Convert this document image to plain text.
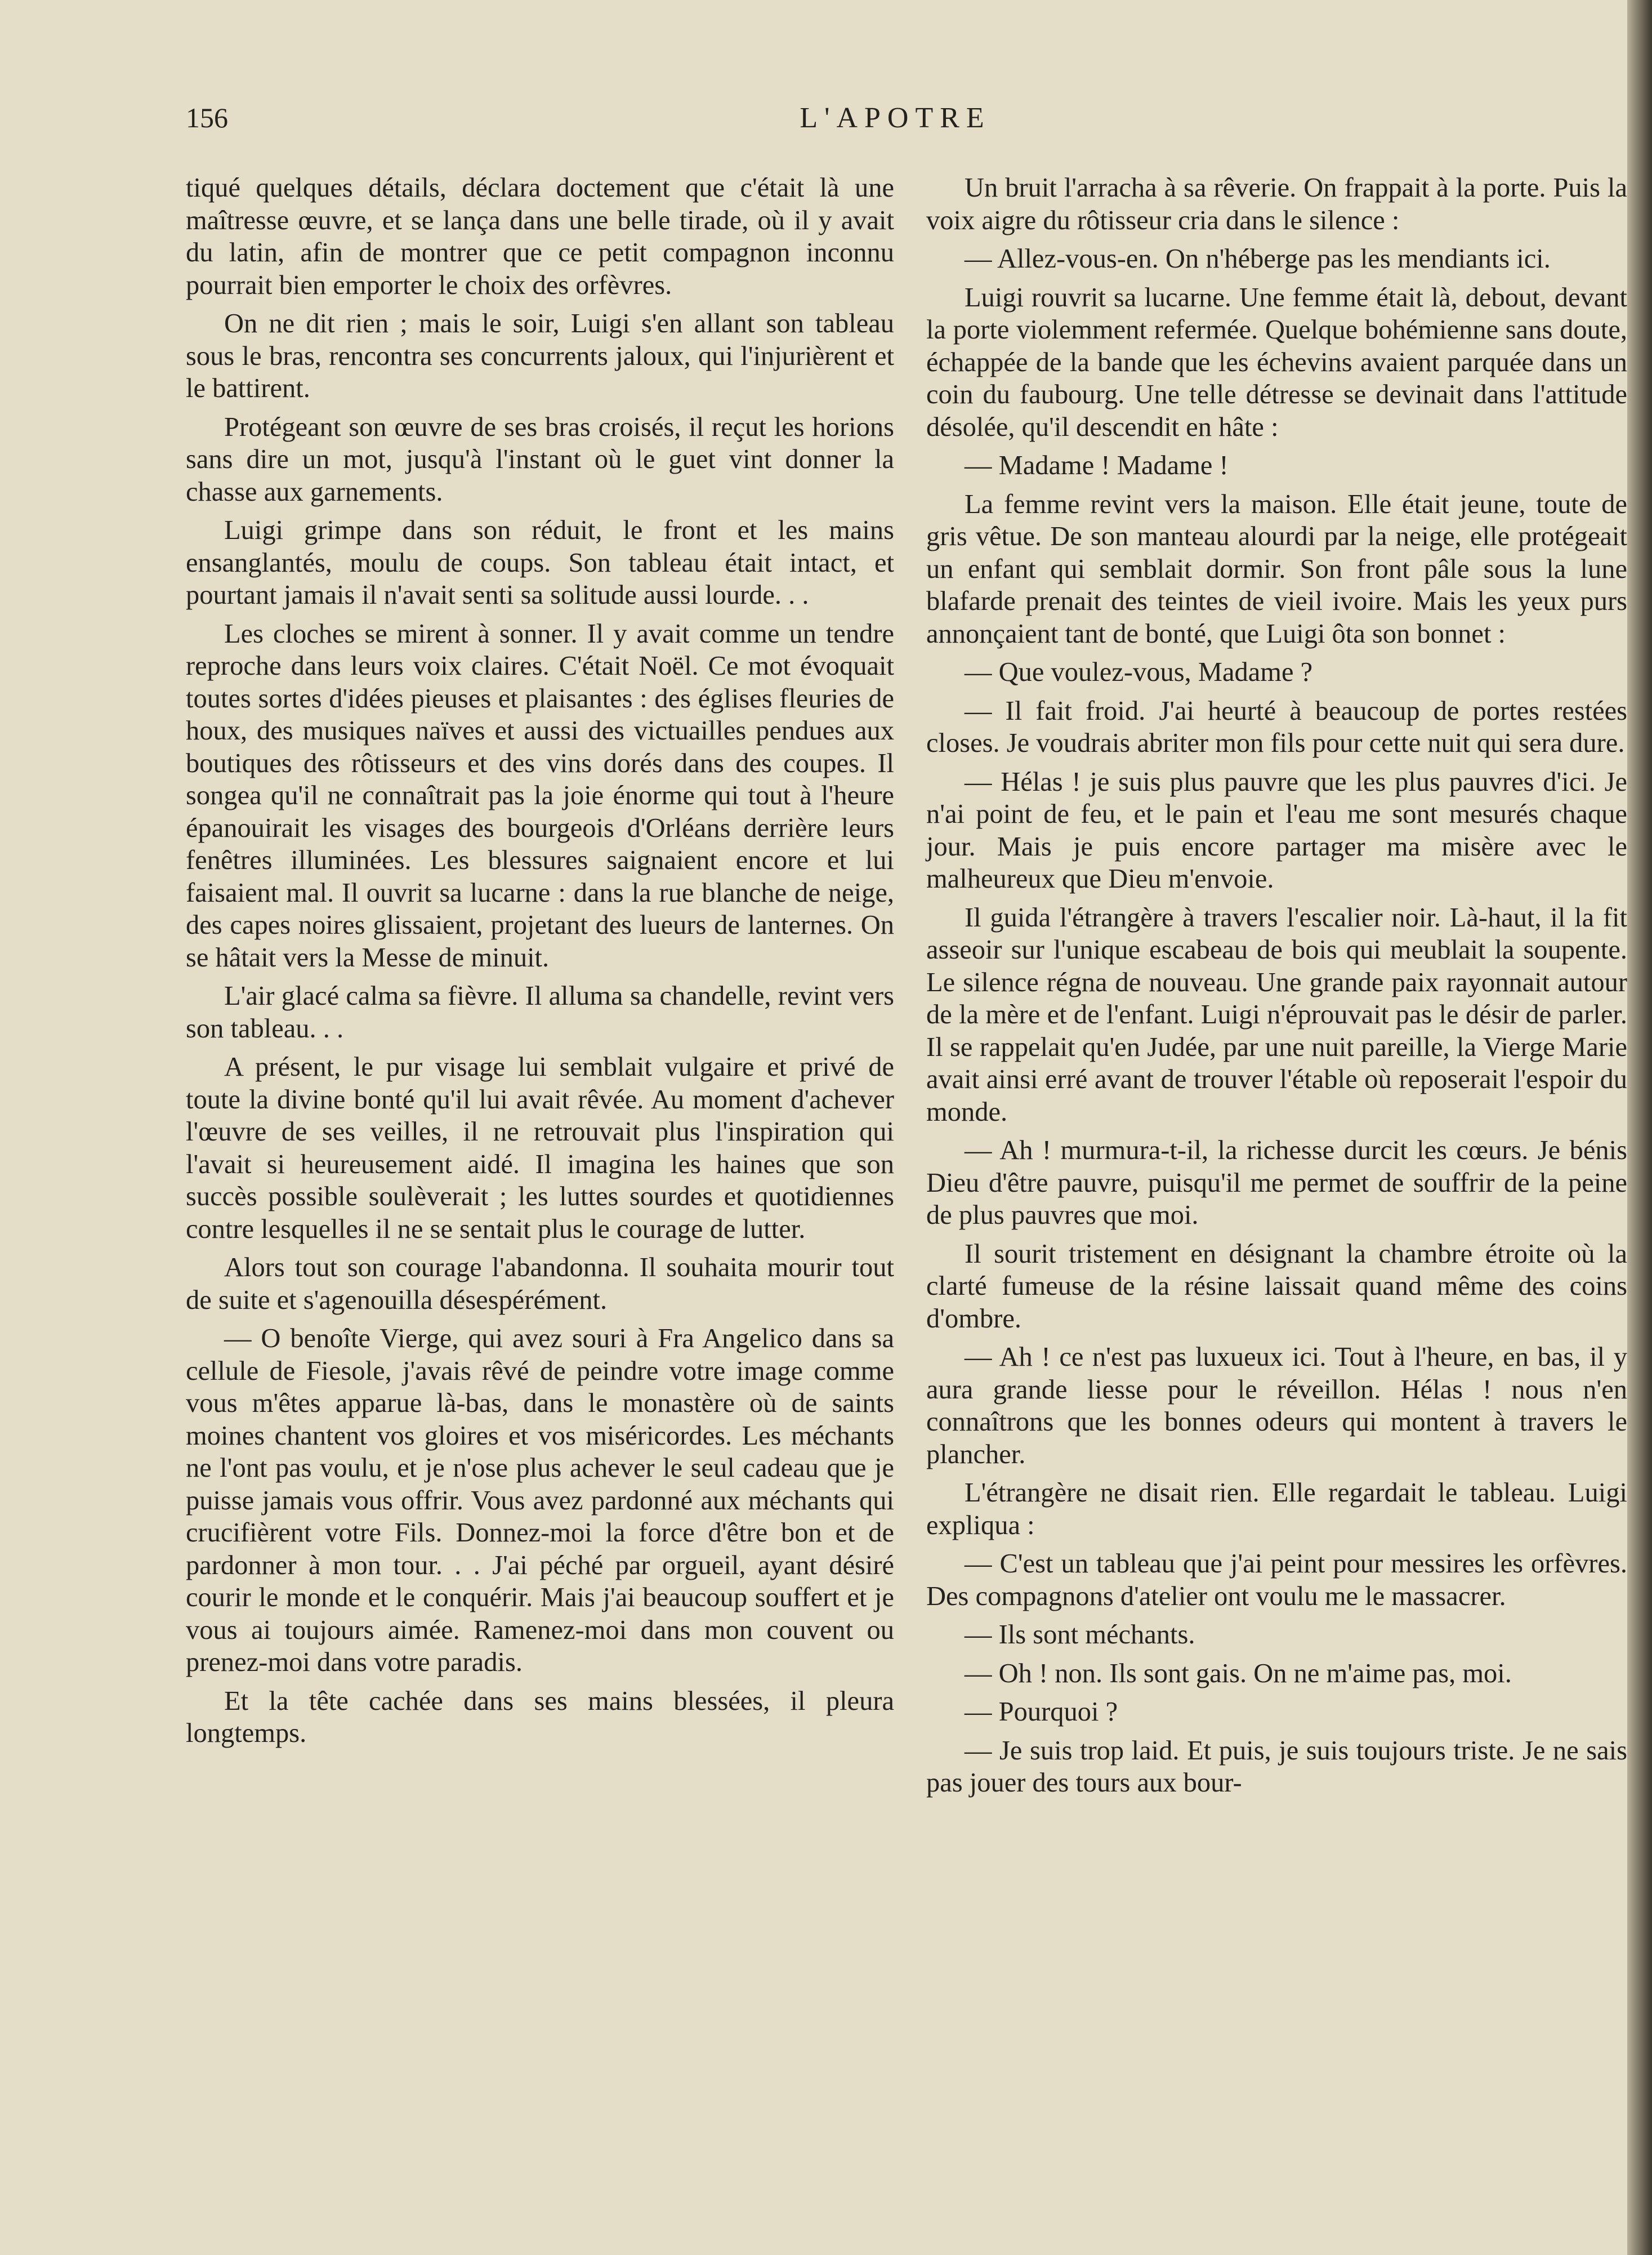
156	L'APOTRE

tiqué quelques détails, déclara doctement que c'était là une maîtresse œuvre, et se lança dans une belle tirade, où il y avait du latin, afin de montrer que ce petit compagnon inconnu pourrait bien emporter le choix des orfèvres.

On ne dit rien ; mais le soir, Luigi s'en allant son tableau sous le bras, rencontra ses concurrents jaloux, qui l'injurièrent et le battirent.

Protégeant son œuvre de ses bras croisés, il reçut les horions sans dire un mot, jusqu'à l'instant où le guet vint donner la chasse aux garnements.

Luigi grimpe dans son réduit, le front et les mains ensanglantés, moulu de coups. Son tableau était intact, et pourtant jamais il n'avait senti sa solitude aussi lourde. . .

Les cloches se mirent à sonner. Il y avait comme un tendre reproche dans leurs voix claires. C'était Noël. Ce mot évoquait toutes sortes d'idées pieuses et plaisantes : des églises fleuries de houx, des musiques naïves et aussi des victuailles pendues aux boutiques des rôtisseurs et des vins dorés dans des coupes. Il songea qu'il ne connaîtrait pas la joie énorme qui tout à l'heure épanouirait les visages des bourgeois d'Orléans derrière leurs fenêtres illuminées. Les blessures saignaient encore et lui faisaient mal. Il ouvrit sa lucarne : dans la rue blanche de neige, des capes noires glissaient, projetant des lueurs de lanternes. On se hâtait vers la Messe de minuit.

L'air glacé calma sa fièvre. Il alluma sa chandelle, revint vers son tableau. . .

A présent, le pur visage lui semblait vulgaire et privé de toute la divine bonté qu'il lui avait rêvée. Au moment d'achever l'œuvre de ses veilles, il ne retrouvait plus l'inspiration qui l'avait si heureusement aidé. Il imagina les haines que son succès possible soulèverait ; les luttes sourdes et quotidiennes contre lesquelles il ne se sentait plus le courage de lutter.

Alors tout son courage l'abandonna. Il souhaita mourir tout de suite et s'agenouilla désespérément.

— O benoîte Vierge, qui avez souri à Fra Angelico dans sa cellule de Fiesole, j'avais rêvé de peindre votre image comme vous m'êtes apparue là-bas, dans le monastère où de saints moines chantent vos gloires et vos miséricordes. Les méchants ne l'ont pas voulu, et je n'ose plus achever le seul cadeau que je puisse jamais vous offrir. Vous avez pardonné aux méchants qui crucifièrent votre Fils. Donnez-moi la force d'être bon et de pardonner à mon tour. . . J'ai péché par orgueil, ayant désiré courir le monde et le conquérir. Mais j'ai beaucoup souffert et je vous ai toujours aimée. Ramenez-moi dans mon couvent ou prenez-moi dans votre paradis.

Et la tête cachée dans ses mains blessées, il pleura longtemps.

Un bruit l'arracha à sa rêverie. On frappait à la porte. Puis la voix aigre du rôtisseur cria dans le silence :

— Allez-vous-en. On n'héberge pas les mendiants ici.

Luigi rouvrit sa lucarne. Une femme était là, debout, devant la porte violemment refermée. Quelque bohémienne sans doute, échappée de la bande que les échevins avaient parquée dans un coin du faubourg. Une telle détresse se devinait dans l'attitude désolée, qu'il descendit en hâte :

— Madame ! Madame !

La femme revint vers la maison. Elle était jeune, toute de gris vêtue. De son manteau alourdi par la neige, elle protégeait un enfant qui semblait dormir. Son front pâle sous la lune blafarde prenait des teintes de vieil ivoire. Mais les yeux purs annonçaient tant de bonté, que Luigi ôta son bonnet :

— Que voulez-vous, Madame ?

— Il fait froid. J'ai heurté à beaucoup de portes restées closes. Je voudrais abriter mon fils pour cette nuit qui sera dure.

— Hélas ! je suis plus pauvre que les plus pauvres d'ici. Je n'ai point de feu, et le pain et l'eau me sont mesurés chaque jour. Mais je puis encore partager ma misère avec le malheureux que Dieu m'envoie.

Il guida l'étrangère à travers l'escalier noir. Là-haut, il la fit asseoir sur l'unique escabeau de bois qui meublait la soupente. Le silence régna de nouveau. Une grande paix rayonnait autour de la mère et de l'enfant. Luigi n'éprouvait pas le désir de parler. Il se rappelait qu'en Judée, par une nuit pareille, la Vierge Marie avait ainsi erré avant de trouver l'étable où reposerait l'espoir du monde.

— Ah ! murmura-t-il, la richesse durcit les cœurs. Je bénis Dieu d'être pauvre, puisqu'il me permet de souffrir de la peine de plus pauvres que moi.

Il sourit tristement en désignant la chambre étroite où la clarté fumeuse de la résine laissait quand même des coins d'ombre.

— Ah ! ce n'est pas luxueux ici. Tout à l'heure, en bas, il y aura grande liesse pour le réveillon. Hélas ! nous n'en connaîtrons que les bonnes odeurs qui montent à travers le plancher.

L'étrangère ne disait rien. Elle regardait le tableau. Luigi expliqua :

— C'est un tableau que j'ai peint pour messires les orfèvres. Des compagnons d'atelier ont voulu me le massacrer.

— Ils sont méchants.

— Oh ! non. Ils sont gais. On ne m'aime pas, moi.

— Pourquoi ?

— Je suis trop laid. Et puis, je suis toujours triste. Je ne sais pas jouer des tours aux bour-
